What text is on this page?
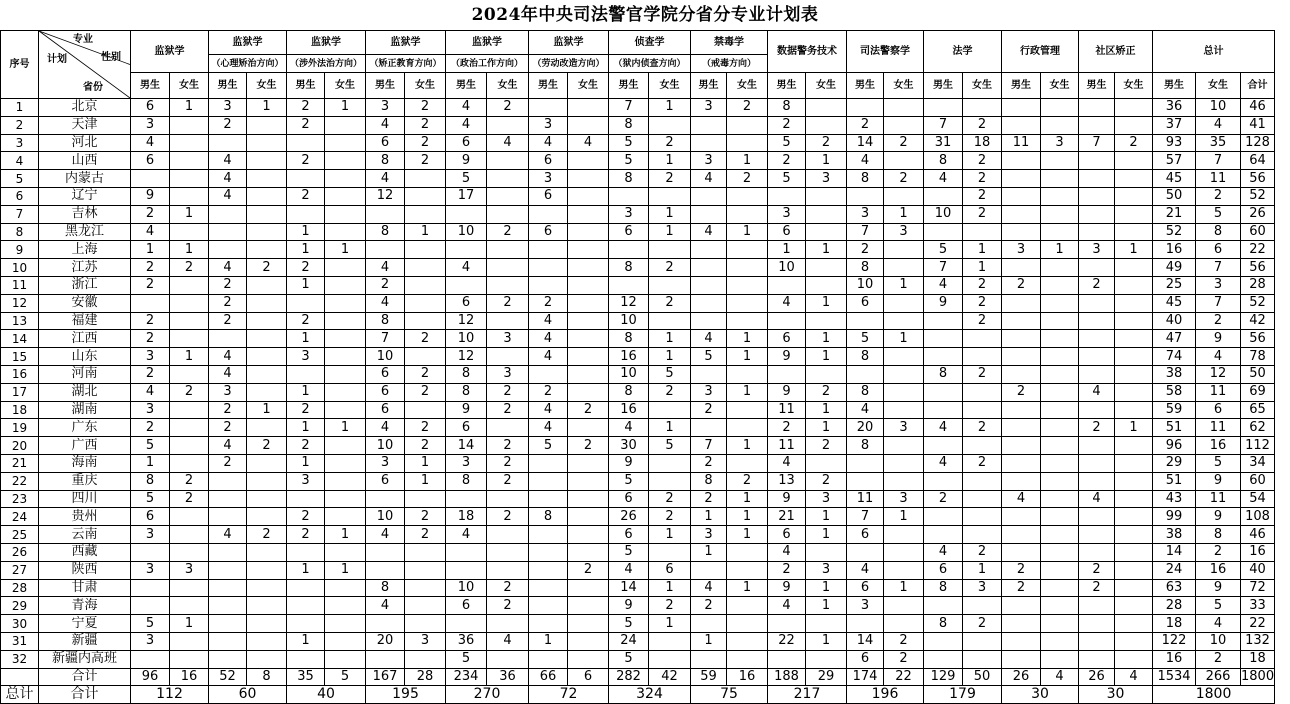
2024年中央司法警官学院分省分专业计划表
序号	专业
性别
计划
省份	监狱学		监狱学		监狱学		监狱学		监狱学		监狱学		侦查学		禁毒学		数据警务技术		司法警察学		法学		行政管理		社区矫正		总计		
				（心理矫治方向）		（涉外法治方向）		（矫正教育方向）		（政治工作方向）		（劳动改造方向）		（狱内侦查方向）		（戒毒方向）														
		男生	女生	男生	女生	男生	女生	男生	女生	男生	女生	男生	女生	男生	女生	男生	女生	男生	女生	男生	女生	男生	女生	男生	女生	男生	女生	男生	女生	合计
1	北京	6	1	3	1	2	1	3	2	4	2			7	1	3	2	8										36	10	46
2	天津	3		2		2		4	2	4		3		8				2		2		7	2					37	4	41
3	河北	4						6	2	6	4	4	4	5	2			5	2	14	2	31	18	11	3	7	2	93	35	128
4	山西	6		4		2		8	2	9		6		5	1	3	1	2	1	4		8	2					57	7	64
5	内蒙古			4				4		5		3		8	2	4	2	5	3	8	2	4	2					45	11	56
6	辽宁	9		4		2		12		17		6											2					50	2	52
7	吉林	2	1											3	1			3		3	1	10	2					21	5	26
8	黑龙江	4				1		8	1	10	2	6		6	1	4	1	6		7	3							52	8	60
9	上海	1	1			1	1											1	1	2		5	1	3	1	3	1	16	6	22
10	江苏	2	2	4	2	2		4		4				8	2			10		8		7	1					49	7	56
11	浙江	2		2		1		2												10	1	4	2	2		2		25	3	28
12	安徽			2				4		6	2	2		12	2			4	1	6		9	2					45	7	52
13	福建	2		2		2		8		12		4		10									2					40	2	42
14	江西	2				1		7	2	10	3	4		8	1	4	1	6	1	5	1							47	9	56
15	山东	3	1	4		3		10		12		4		16	1	5	1	9	1	8								74	4	78
16	河南	2		4				6	2	8	3			10	5							8	2					38	12	50
17	湖北	4	2	3		1		6	2	8	2	2		8	2	3	1	9	2	8				2		4		58	11	69
18	湖南	3		2	1	2		6		9	2	4	2	16		2		11	1	4								59	6	65
19	广东	2		2		1	1	4	2	6		4		4	1			2	1	20	3	4	2			2	1	51	11	62
20	广西	5		4	2	2		10	2	14	2	5	2	30	5	7	1	11	2	8								96	16	112
21	海南	1		2		1		3	1	3	2			9		2		4				4	2					29	5	34
22	重庆	8	2			3		6	1	8	2			5		8	2	13	2									51	9	60
23	四川	5	2											6	2	2	1	9	3	11	3	2		4		4		43	11	54
24	贵州	6				2		10	2	18	2	8		26	2	1	1	21	1	7	1							99	9	108
25	云南	3		4	2	2	1	4	2	4				6	1	3	1	6	1	6								38	8	46
26	西藏													5		1		4				4	2					14	2	16
27	陕西	3	3			1	1						2	4	6			2	3	4		6	1	2		2		24	16	40
28	甘肃							8		10	2			14	1	4	1	9	1	6	1	8	3	2		2		63	9	72
29	青海							4		6	2			9	2	2		4	1	3								28	5	33
30	宁夏	5	1											5	1							8	2					18	4	22
31	新疆	3				1		20	3	36	4	1		24		1		22	1	14	2							122	10	132
32	新疆内高班									5				5						6	2							16	2	18
	合计	96	16	52	8	35	5	167	28	234	36	66	6	282	42	59	16	188	29	174	22	129	50	26	4	26	4	1534	266	1800
总计	合计	112		60		40		195		270		72		324		75		217		196		179		30		30		1800		
